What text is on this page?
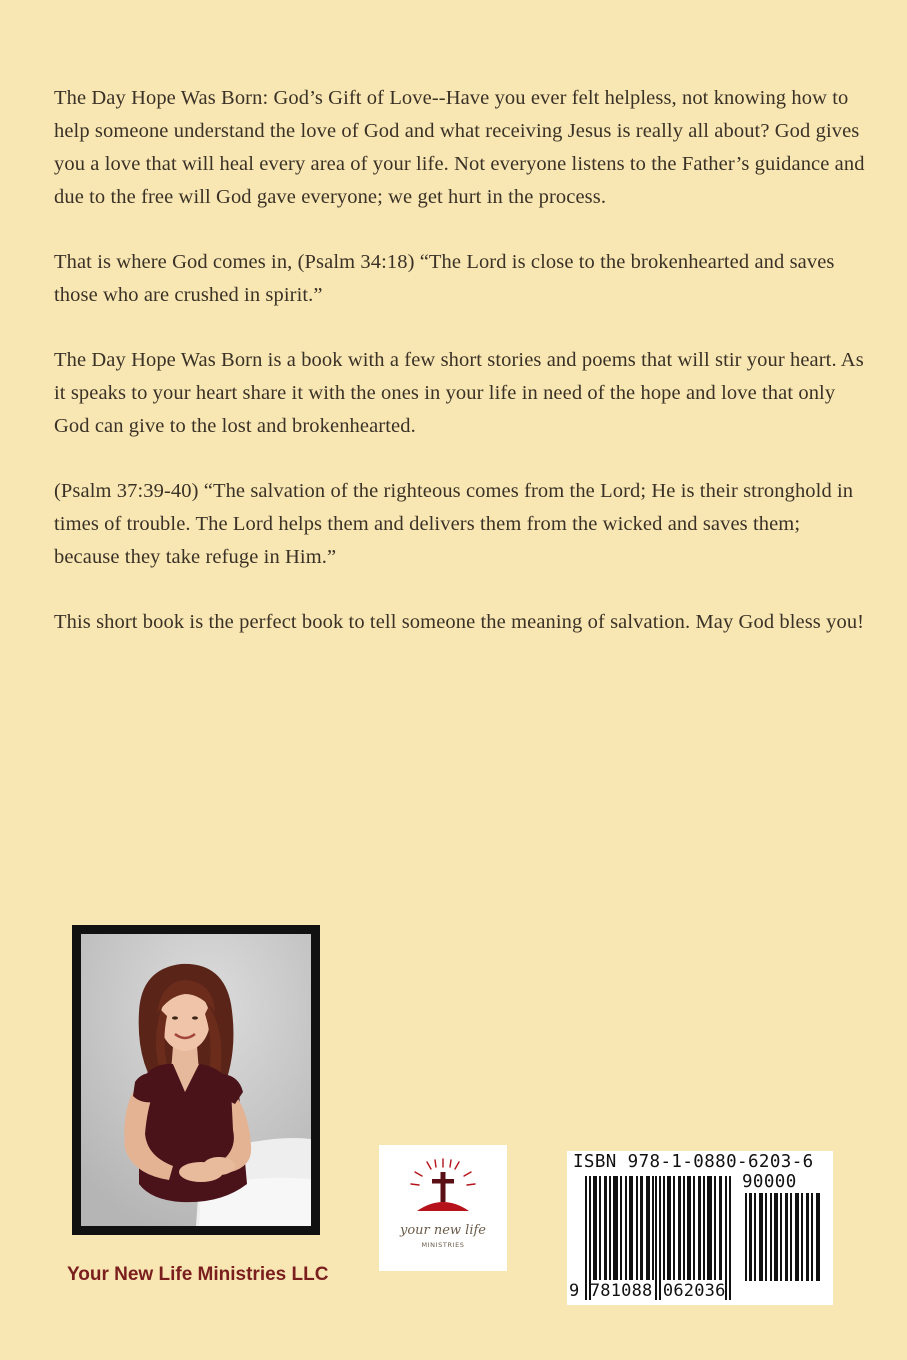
The Day Hope Was Born: God’s Gift of Love--Have you ever felt helpless, not knowing how to help someone understand the love of God and what receiving Jesus is really all about? God gives you a love that will heal every area of your life. Not everyone listens to the Father’s guidance and due to the free will God gave everyone; we get hurt in the process.

That is where God comes in, (Psalm 34:18) “The Lord is close to the brokenhearted and saves those who are crushed in spirit.”

The Day Hope Was Born is a book with a few short stories and poems that will stir your heart. As it speaks to your heart share it with the ones in your life in need of the hope and love that only God can give to the lost and brokenhearted.

(Psalm 37:39-40) “The salvation of the righteous comes from the Lord; He is their stronghold in times of trouble. The Lord helps them and delivers them from the wicked and saves them; because they take refuge in Him.”

This short book is the perfect book to tell someone the meaning of salvation. May God bless you!

your new life
MINISTRIES
Your New Life Ministries LLC
ISBN 978-1-0880-6203-6
90000
9 781088 062036
